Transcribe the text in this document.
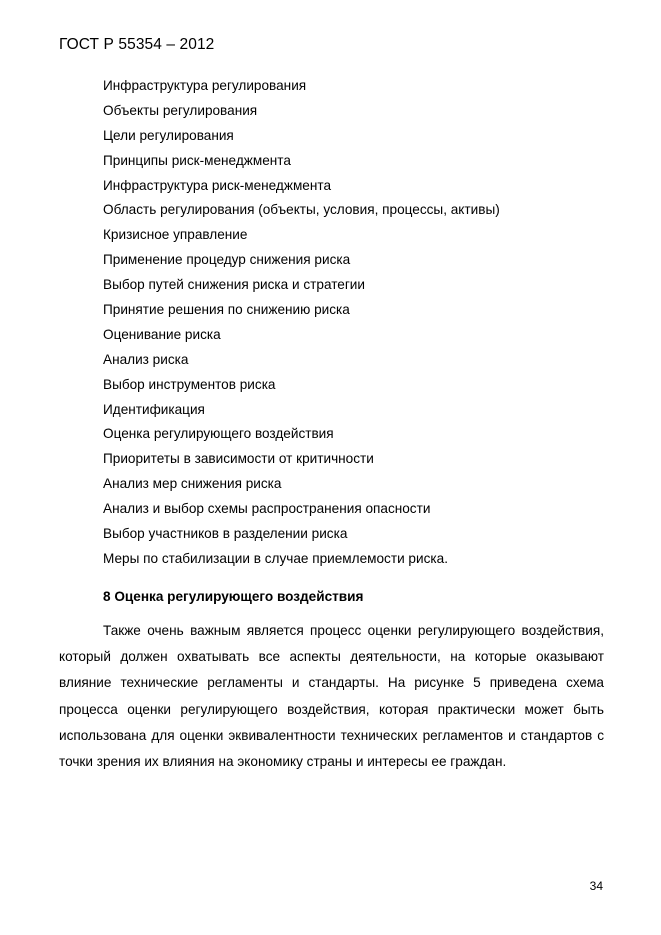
ГОСТ Р 55354 – 2012
Инфраструктура регулирования
Объекты регулирования
Цели регулирования
Принципы риск-менеджмента
Инфраструктура риск-менеджмента
Область регулирования (объекты, условия, процессы, активы)
Кризисное управление
Применение процедур снижения риска
Выбор путей снижения риска и стратегии
Принятие решения по снижению риска
Оценивание риска
Анализ риска
Выбор инструментов риска
Идентификация
Оценка регулирующего воздействия
Приоритеты в зависимости от критичности
Анализ мер снижения риска
Анализ и выбор схемы распространения опасности
Выбор участников в разделении риска
Меры по стабилизации в случае приемлемости риска.
8 Оценка регулирующего воздействия

Также очень важным является процесс оценки регулирующего воздействия, который должен охватывать все аспекты деятельности, на которые оказывают влияние технические регламенты и стандарты. На рисунке 5 приведена схема процесса оценки регулирующего воздействия, которая практически может быть использована для оценки эквивалентности технических регламентов и стандартов с точки зрения их влияния на экономику страны и интересы ее граждан.

34
